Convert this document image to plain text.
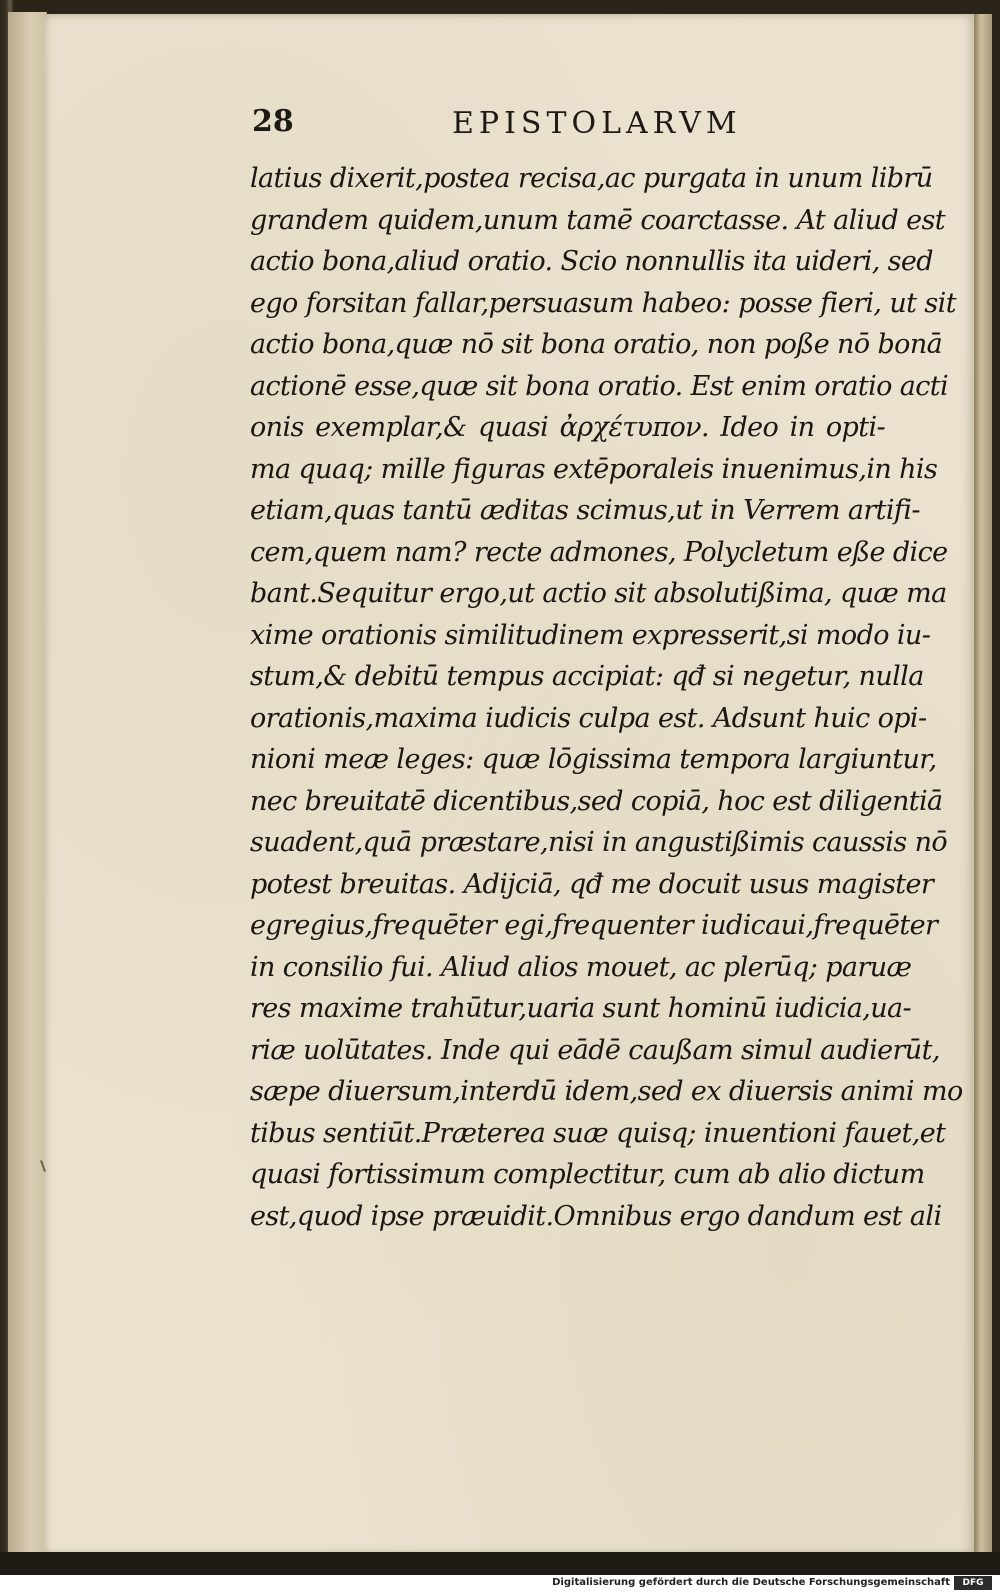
28	EPISTOLARVM
latius dixerit,postea recisa,ac purgata in unum librū
grandem quidem,unum tamē coarctasse. At aliud est
actio bona,aliud oratio. Scio nonnullis ita uideri, sed
ego forsitan fallar,persuasum habeo: posse fieri, ut sit
actio bona,quæ nō sit bona oratio, non poße nō bonā
actionē esse,quæ sit bona oratio. Est enim oratio acti
onis exemplar,& quasi ἀρχέτυπον. Ideo in opti-
ma quaq; mille figuras extēporaleis inuenimus,in his
etiam,quas tantū æditas scimus,ut in Verrem artifi-
cem,quem nam? recte admones, Polycletum eße dice
bant.Sequitur ergo,ut actio sit absolutißima, quæ ma
xime orationis similitudinem expresserit,si modo iu-
stum,& debitū tempus accipiat: qđ si negetur, nulla
orationis,maxima iudicis culpa est. Adsunt huic opi-
nioni meæ leges: quæ lōgissima tempora largiuntur,
nec breuitatē dicentibus,sed copiā, hoc est diligentiā
suadent,quā præstare,nisi in angustißimis caussis nō
potest breuitas. Adijciā, qđ me docuit usus magister
egregius,frequēter egi,frequenter iudicaui,frequēter
in consilio fui. Aliud alios mouet, ac plerūq; paruæ
res maxime trahūtur,uaria sunt hominū iudicia,ua-
riæ uolūtates. Inde qui eādē caußam simul audierūt,
sæpe diuersum,interdū idem,sed ex diuersis animi mo
tibus sentiūt.Præterea suæ quisq; inuentioni fauet,et
quasi fortissimum complectitur, cum ab alio dictum
est,quod ipse præuidit.Omnibus ergo dandum est ali
Digitalisierung gefördert durch die Deutsche Forschungsgemeinschaft	DFG
